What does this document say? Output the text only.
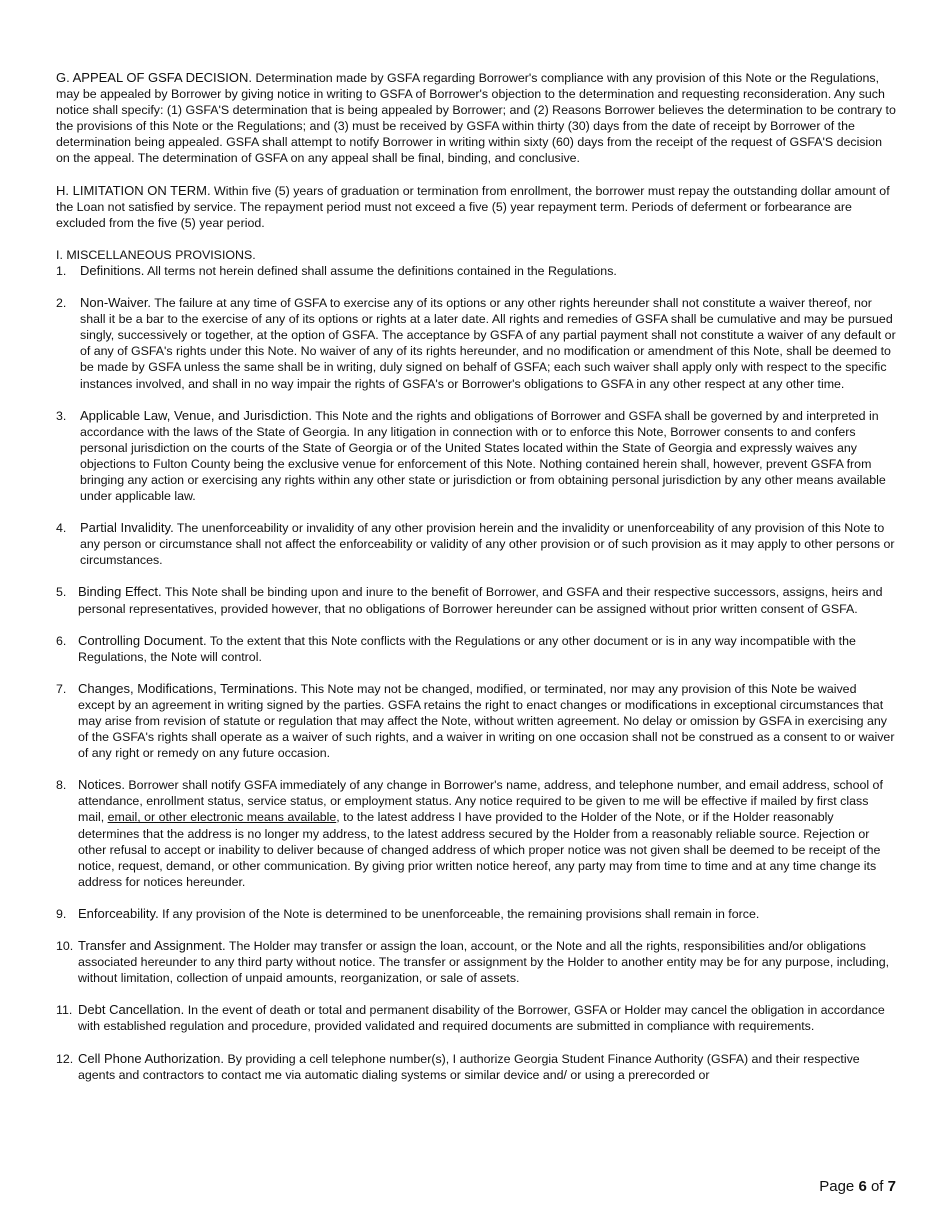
G. APPEAL OF GSFA DECISION. Determination made by GSFA regarding Borrower's compliance with any provision of this Note or the Regulations, may be appealed by Borrower by giving notice in writing to GSFA of Borrower's objection to the determination and requesting reconsideration. Any such notice shall specify: (1) GSFA'S determination that is being appealed by Borrower; and (2) Reasons Borrower believes the determination to be contrary to the provisions of this Note or the Regulations; and (3) must be received by GSFA within thirty (30) days from the date of receipt by Borrower of the determination being appealed. GSFA shall attempt to notify Borrower in writing within sixty (60) days from the receipt of the request of GSFA'S decision on the appeal. The determination of GSFA on any appeal shall be final, binding, and conclusive.

H. LIMITATION ON TERM. Within five (5) years of graduation or termination from enrollment, the borrower must repay the outstanding dollar amount of the Loan not satisfied by service. The repayment period must not exceed a five (5) year repayment term. Periods of deferment or forbearance are excluded from the five (5) year period.

I. MISCELLANEOUS PROVISIONS.

1. Definitions. All terms not herein defined shall assume the definitions contained in the Regulations.
2. Non-Waiver. The failure at any time of GSFA to exercise any of its options or any other rights hereunder shall not constitute a waiver thereof, nor shall it be a bar to the exercise of any of its options or rights at a later date. All rights and remedies of GSFA shall be cumulative and may be pursued singly, successively or together, at the option of GSFA. The acceptance by GSFA of any partial payment shall not constitute a waiver of any default or of any of GSFA's rights under this Note. No waiver of any of its rights hereunder, and no modification or amendment of this Note, shall be deemed to be made by GSFA unless the same shall be in writing, duly signed on behalf of GSFA; each such waiver shall apply only with respect to the specific instances involved, and shall in no way impair the rights of GSFA's or Borrower's obligations to GSFA in any other respect at any other time.
3. Applicable Law, Venue, and Jurisdiction. This Note and the rights and obligations of Borrower and GSFA shall be governed by and interpreted in accordance with the laws of the State of Georgia. In any litigation in connection with or to enforce this Note, Borrower consents to and confers personal jurisdiction on the courts of the State of Georgia or of the United States located within the State of Georgia and expressly waives any objections to Fulton County being the exclusive venue for enforcement of this Note. Nothing contained herein shall, however, prevent GSFA from bringing any action or exercising any rights within any other state or jurisdiction or from obtaining personal jurisdiction by any other means available under applicable law.
4. Partial Invalidity. The unenforceability or invalidity of any other provision herein and the invalidity or unenforceability of any provision of this Note to any person or circumstance shall not affect the enforceability or validity of any other provision or of such provision as it may apply to other persons or circumstances.
5. Binding Effect. This Note shall be binding upon and inure to the benefit of Borrower, and GSFA and their respective successors, assigns, heirs and personal representatives, provided however, that no obligations of Borrower hereunder can be assigned without prior written consent of GSFA.
6. Controlling Document. To the extent that this Note conflicts with the Regulations or any other document or is in any way incompatible with the Regulations, the Note will control.
7. Changes, Modifications, Terminations. This Note may not be changed, modified, or terminated, nor may any provision of this Note be waived except by an agreement in writing signed by the parties. GSFA retains the right to enact changes or modifications in exceptional circumstances that may arise from revision of statute or regulation that may affect the Note, without written agreement. No delay or omission by GSFA in exercising any of the GSFA's rights shall operate as a waiver of such rights, and a waiver in writing on one occasion shall not be construed as a consent to or waiver of any right or remedy on any future occasion.
8. Notices. Borrower shall notify GSFA immediately of any change in Borrower's name, address, and telephone number, and email address, school of attendance, enrollment status, service status, or employment status. Any notice required to be given to me will be effective if mailed by first class mail, email, or other electronic means available, to the latest address I have provided to the Holder of the Note, or if the Holder reasonably determines that the address is no longer my address, to the latest address secured by the Holder from a reasonably reliable source. Rejection or other refusal to accept or inability to deliver because of changed address of which proper notice was not given shall be deemed to be receipt of the notice, request, demand, or other communication. By giving prior written notice hereof, any party may from time to time and at any time change its address for notices hereunder.
9. Enforceability. If any provision of the Note is determined to be unenforceable, the remaining provisions shall remain in force.
10. Transfer and Assignment. The Holder may transfer or assign the loan, account, or the Note and all the rights, responsibilities and/or obligations associated hereunder to any third party without notice. The transfer or assignment by the Holder to another entity may be for any purpose, including, without limitation, collection of unpaid amounts, reorganization, or sale of assets.
11. Debt Cancellation. In the event of death or total and permanent disability of the Borrower, GSFA or Holder may cancel the obligation in accordance with established regulation and procedure, provided validated and required documents are submitted in compliance with requirements.
12. Cell Phone Authorization. By providing a cell telephone number(s), I authorize Georgia Student Finance Authority (GSFA) and their respective agents and contractors to contact me via automatic dialing systems or similar device and/ or using a prerecorded or
Page 6 of 7
